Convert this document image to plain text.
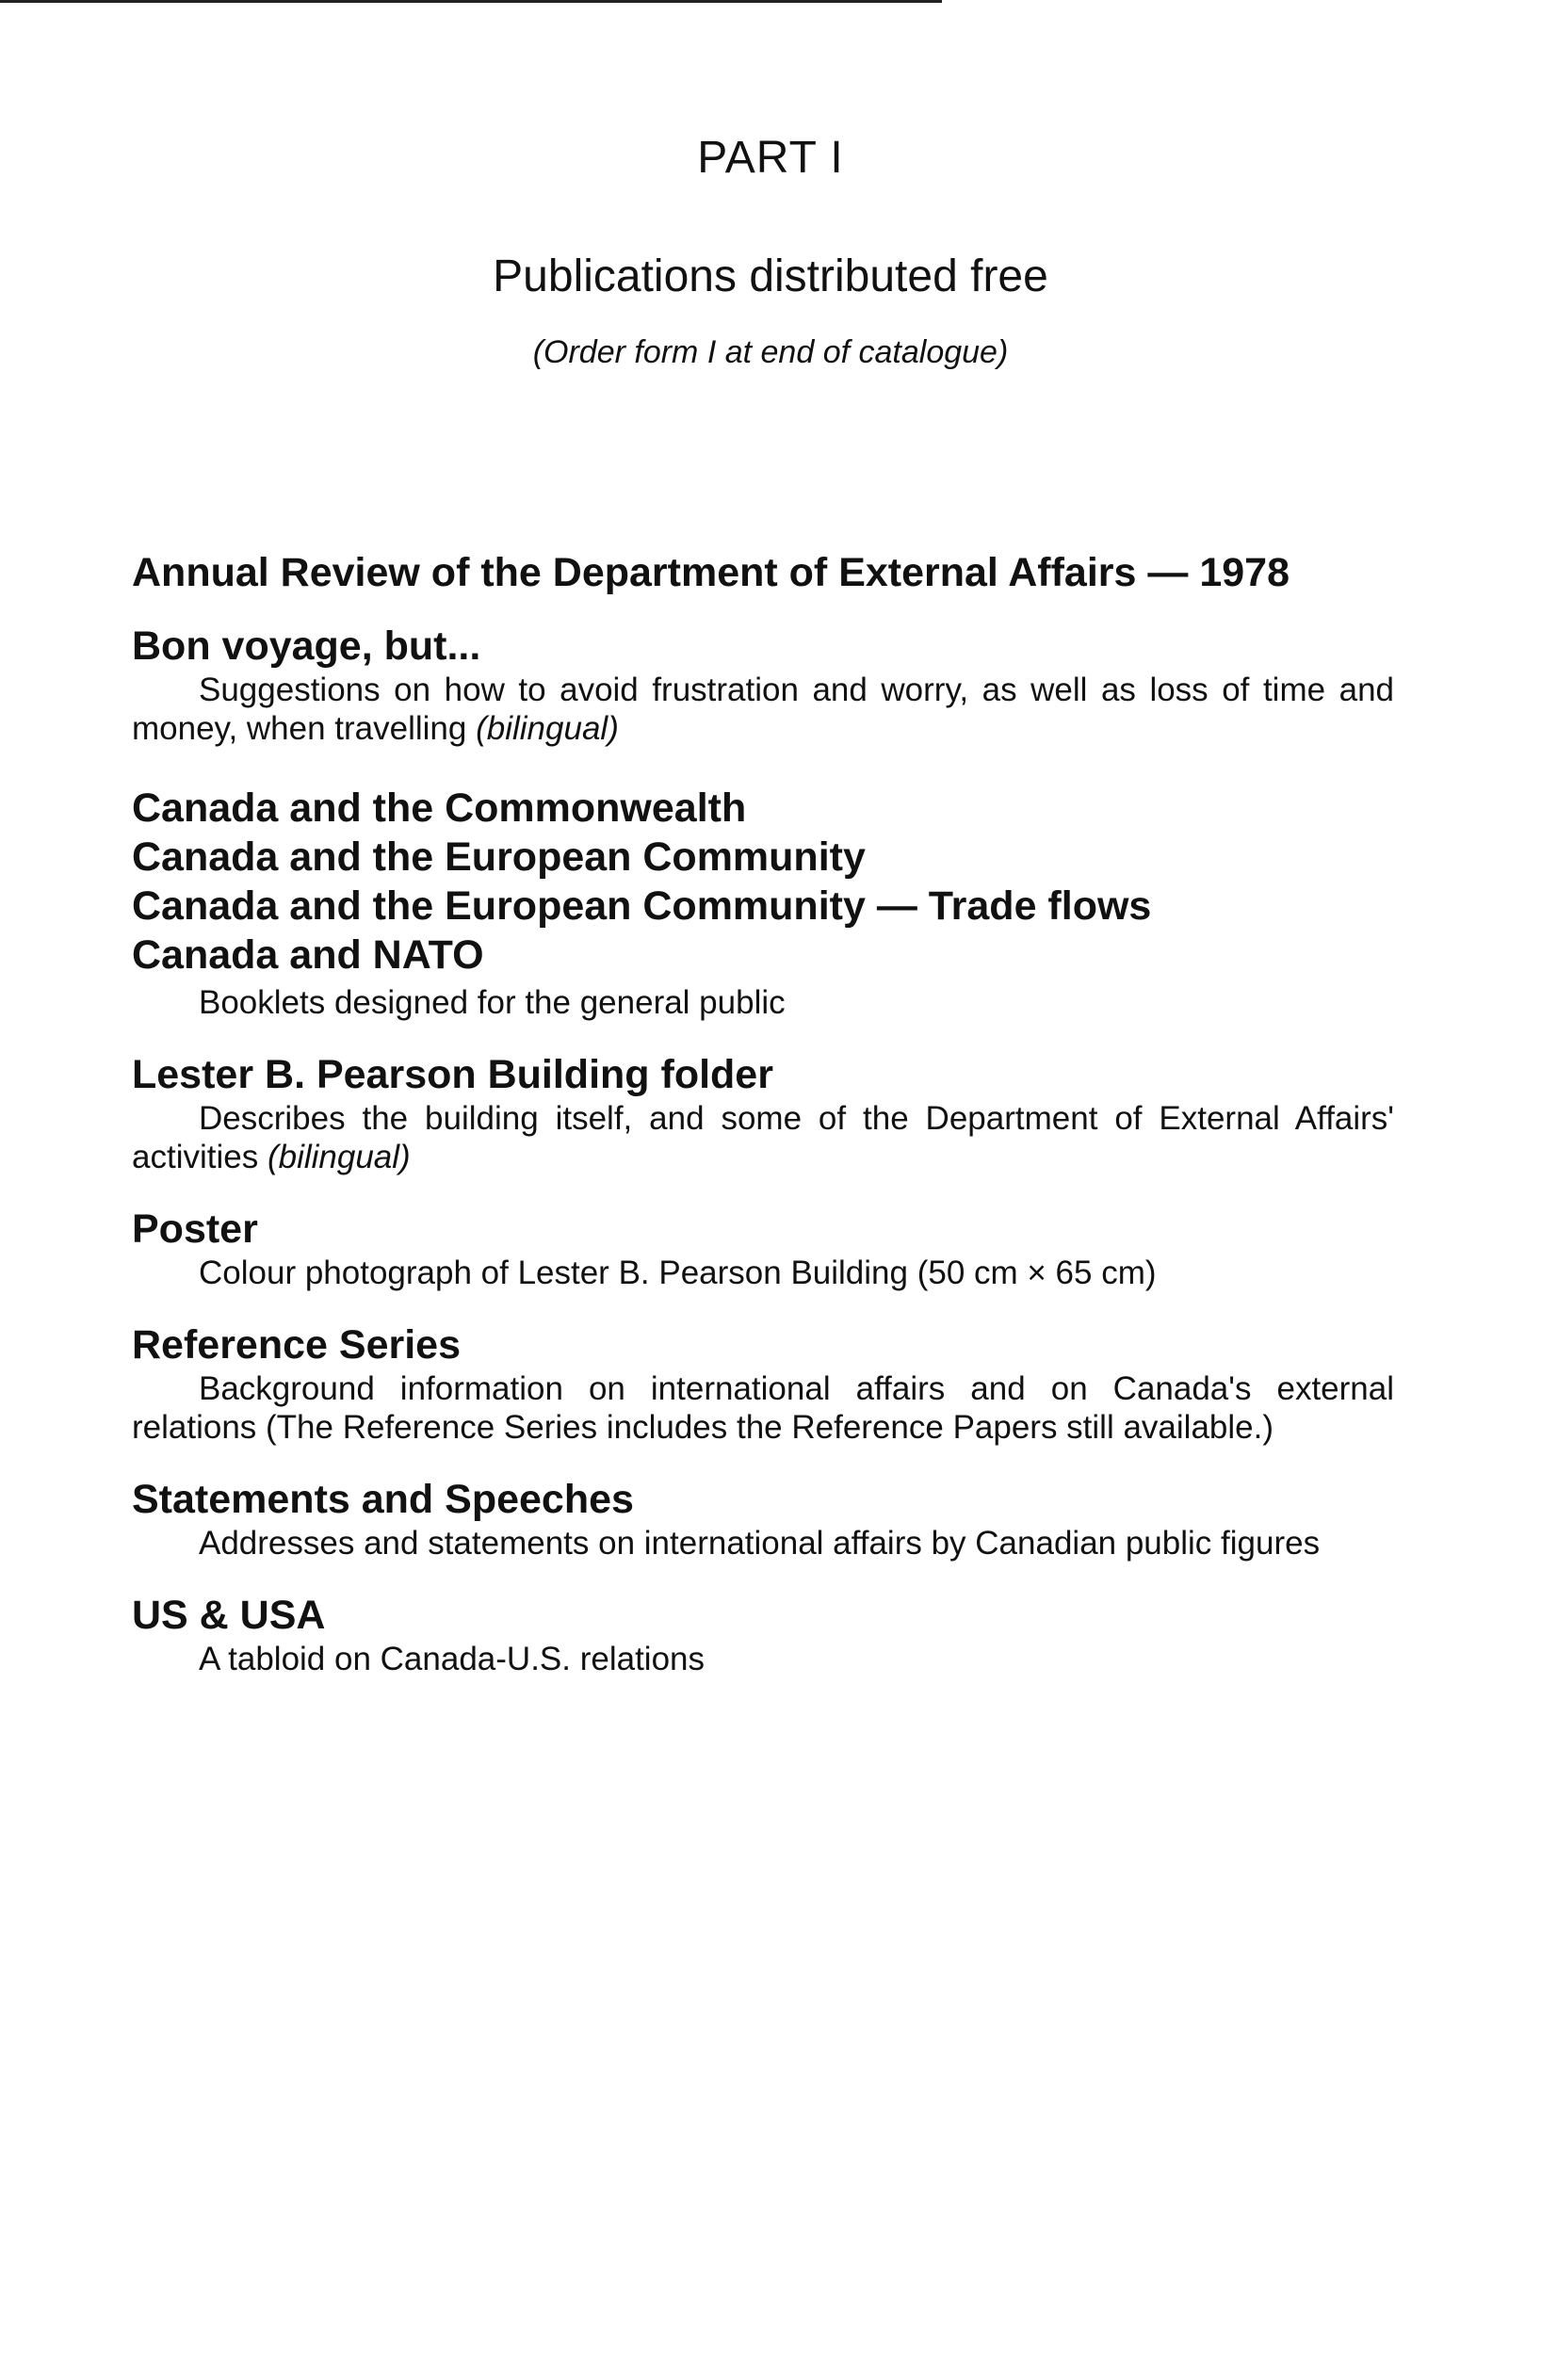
PART I
Publications distributed free

(Order form I at end of catalogue)

Annual Review of the Department of External Affairs — 1978

Bon voyage, but...

Suggestions on how to avoid frustration and worry, as well as loss of time and money, when travelling (bilingual)

Canada and the Commonwealth

Canada and the European Community

Canada and the European Community — Trade flows

Canada and NATO

Booklets designed for the general public

Lester B. Pearson Building folder

Describes the building itself, and some of the Department of External Affairs' activities (bilingual)

Poster

Colour photograph of Lester B. Pearson Building (50 cm × 65 cm)

Reference Series

Background information on international affairs and on Canada's external relations (The Reference Series includes the Reference Papers still available.)

Statements and Speeches

Addresses and statements on international affairs by Canadian public figures

US & USA

A tabloid on Canada-U.S. relations
